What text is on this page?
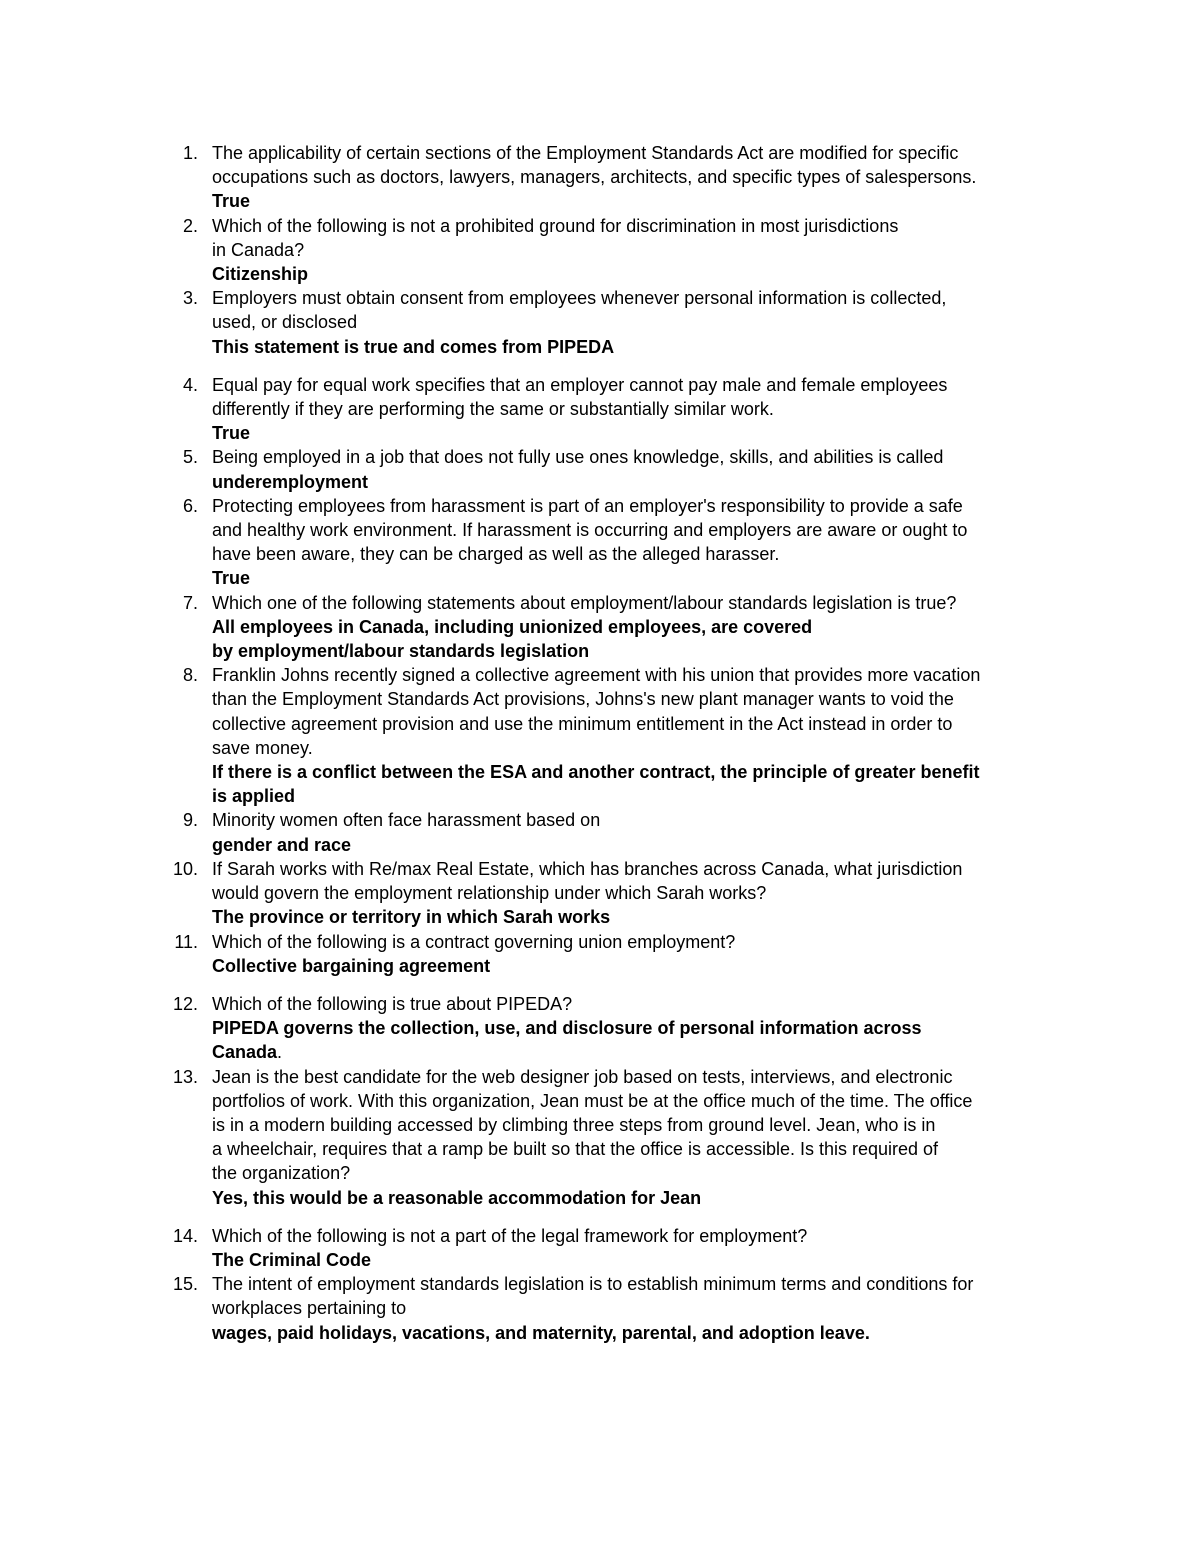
1. The applicability of certain sections of the Employment Standards Act are modified for specific
occupations such as doctors, lawyers, managers, architects, and specific types of salespersons.
True
2. Which of the following is not a prohibited ground for discrimination in most jurisdictions
in Canada?
Citizenship
3. Employers must obtain consent from employees whenever personal information is collected,
used, or disclosed
This statement is true and comes from PIPEDA
4. Equal pay for equal work specifies that an employer cannot pay male and female employees
differently if they are performing the same or substantially similar work.
True
5. Being employed in a job that does not fully use ones knowledge, skills, and abilities is called
underemployment
6. Protecting employees from harassment is part of an employer's responsibility to provide a safe
and healthy work environment. If harassment is occurring and employers are aware or ought to
have been aware, they can be charged as well as the alleged harasser.
True
7. Which one of the following statements about employment/labour standards legislation is true?
All employees in Canada, including unionized employees, are covered
by employment/labour standards legislation
8. Franklin Johns recently signed a collective agreement with his union that provides more vacation
than the Employment Standards Act provisions, Johns's new plant manager wants to void the
collective agreement provision and use the minimum entitlement in the Act instead in order to
save money.
If there is a conflict between the ESA and another contract, the principle of greater benefit
is applied
9. Minority women often face harassment based on
gender and race
10. If Sarah works with Re/max Real Estate, which has branches across Canada, what jurisdiction
would govern the employment relationship under which Sarah works?
The province or territory in which Sarah works
11. Which of the following is a contract governing union employment?
Collective bargaining agreement
12. Which of the following is true about PIPEDA?
PIPEDA governs the collection, use, and disclosure of personal information across
Canada.
13. Jean is the best candidate for the web designer job based on tests, interviews, and electronic
portfolios of work. With this organization, Jean must be at the office much of the time. The office
is in a modern building accessed by climbing three steps from ground level. Jean, who is in
a wheelchair, requires that a ramp be built so that the office is accessible. Is this required of
the organization?
Yes, this would be a reasonable accommodation for Jean
14. Which of the following is not a part of the legal framework for employment?
The Criminal Code
15. The intent of employment standards legislation is to establish minimum terms and conditions for
workplaces pertaining to
wages, paid holidays, vacations, and maternity, parental, and adoption leave.
